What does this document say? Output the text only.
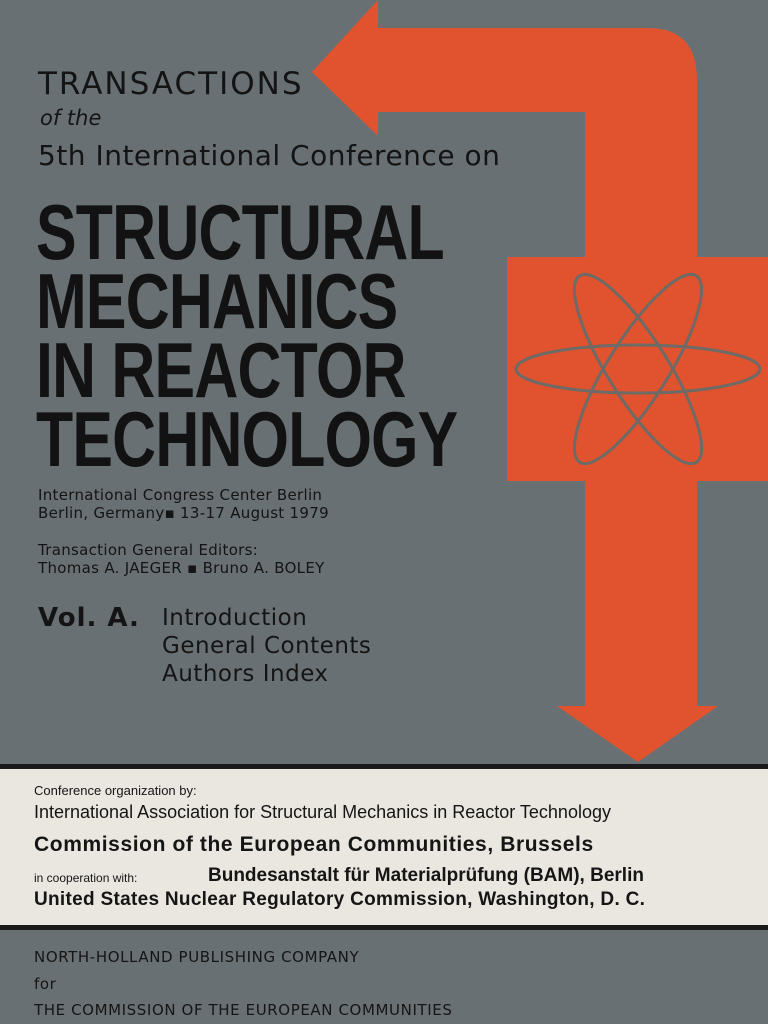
TRANSACTIONS
of the
5th International Conference on
STRUCTURAL
MECHANICS
IN REACTOR
TECHNOLOGY
International Congress Center Berlin
Berlin, Germany▪ 13-17 August 1979
Transaction General Editors:
Thomas A. JAEGER ▪ Bruno A. BOLEY
Vol. A. Introduction
General Contents
Authors Index
Conference organization by:
International Association for Structural Mechanics in Reactor Technology
Commission of the European Communities, Brussels
in cooperation with:	Bundesanstalt für Materialprüfung (BAM), Berlin
United States Nuclear Regulatory Commission, Washington, D. C.
NORTH-HOLLAND PUBLISHING COMPANY
for
THE COMMISSION OF THE EUROPEAN COMMUNITIES
